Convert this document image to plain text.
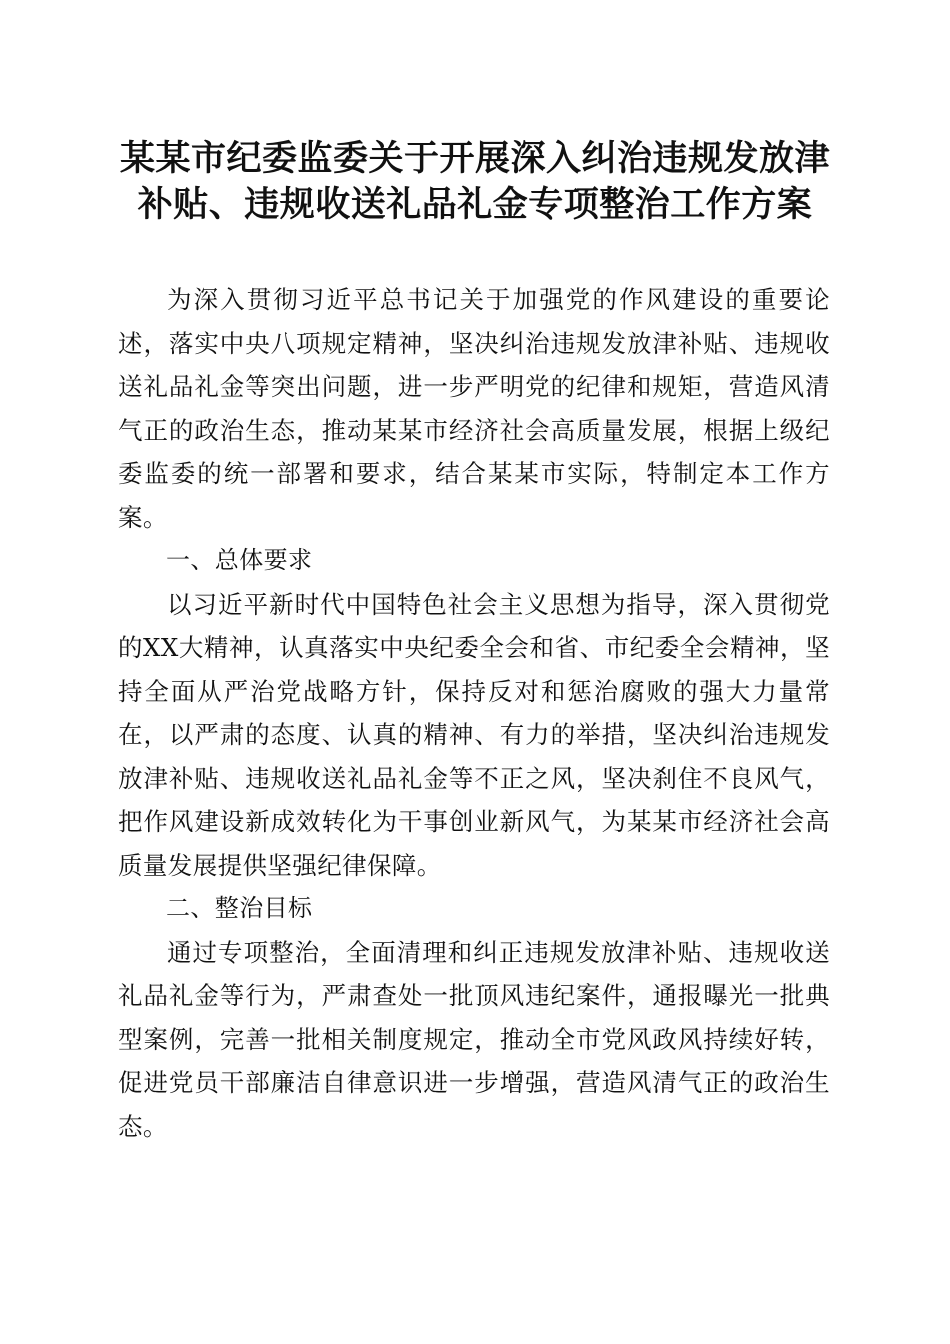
某某市纪委监委关于开展深入纠治违规发放津
补贴、违规收送礼品礼金专项整治工作方案

为深入贯彻习近平总书记关于加强党的作风建设的重要论述，落实中央八项规定精神，坚决纠治违规发放津补贴、违规收送礼品礼金等突出问题，进一步严明党的纪律和规矩，营造风清气正的政治生态，推动某某市经济社会高质量发展，根据上级纪委监委的统一部署和要求，结合某某市实际，特制定本工作方案。

一、总体要求

以习近平新时代中国特色社会主义思想为指导，深入贯彻党的XX大精神，认真落实中央纪委全会和省、市纪委全会精神，坚持全面从严治党战略方针，保持反对和惩治腐败的强大力量常在，以严肃的态度、认真的精神、有力的举措，坚决纠治违规发放津补贴、违规收送礼品礼金等不正之风，坚决刹住不良风气，把作风建设新成效转化为干事创业新风气，为某某市经济社会高质量发展提供坚强纪律保障。

二、整治目标

通过专项整治，全面清理和纠正违规发放津补贴、违规收送礼品礼金等行为，严肃查处一批顶风违纪案件，通报曝光一批典型案例，完善一批相关制度规定，推动全市党风政风持续好转，促进党员干部廉洁自律意识进一步增强，营造风清气正的政治生态。
